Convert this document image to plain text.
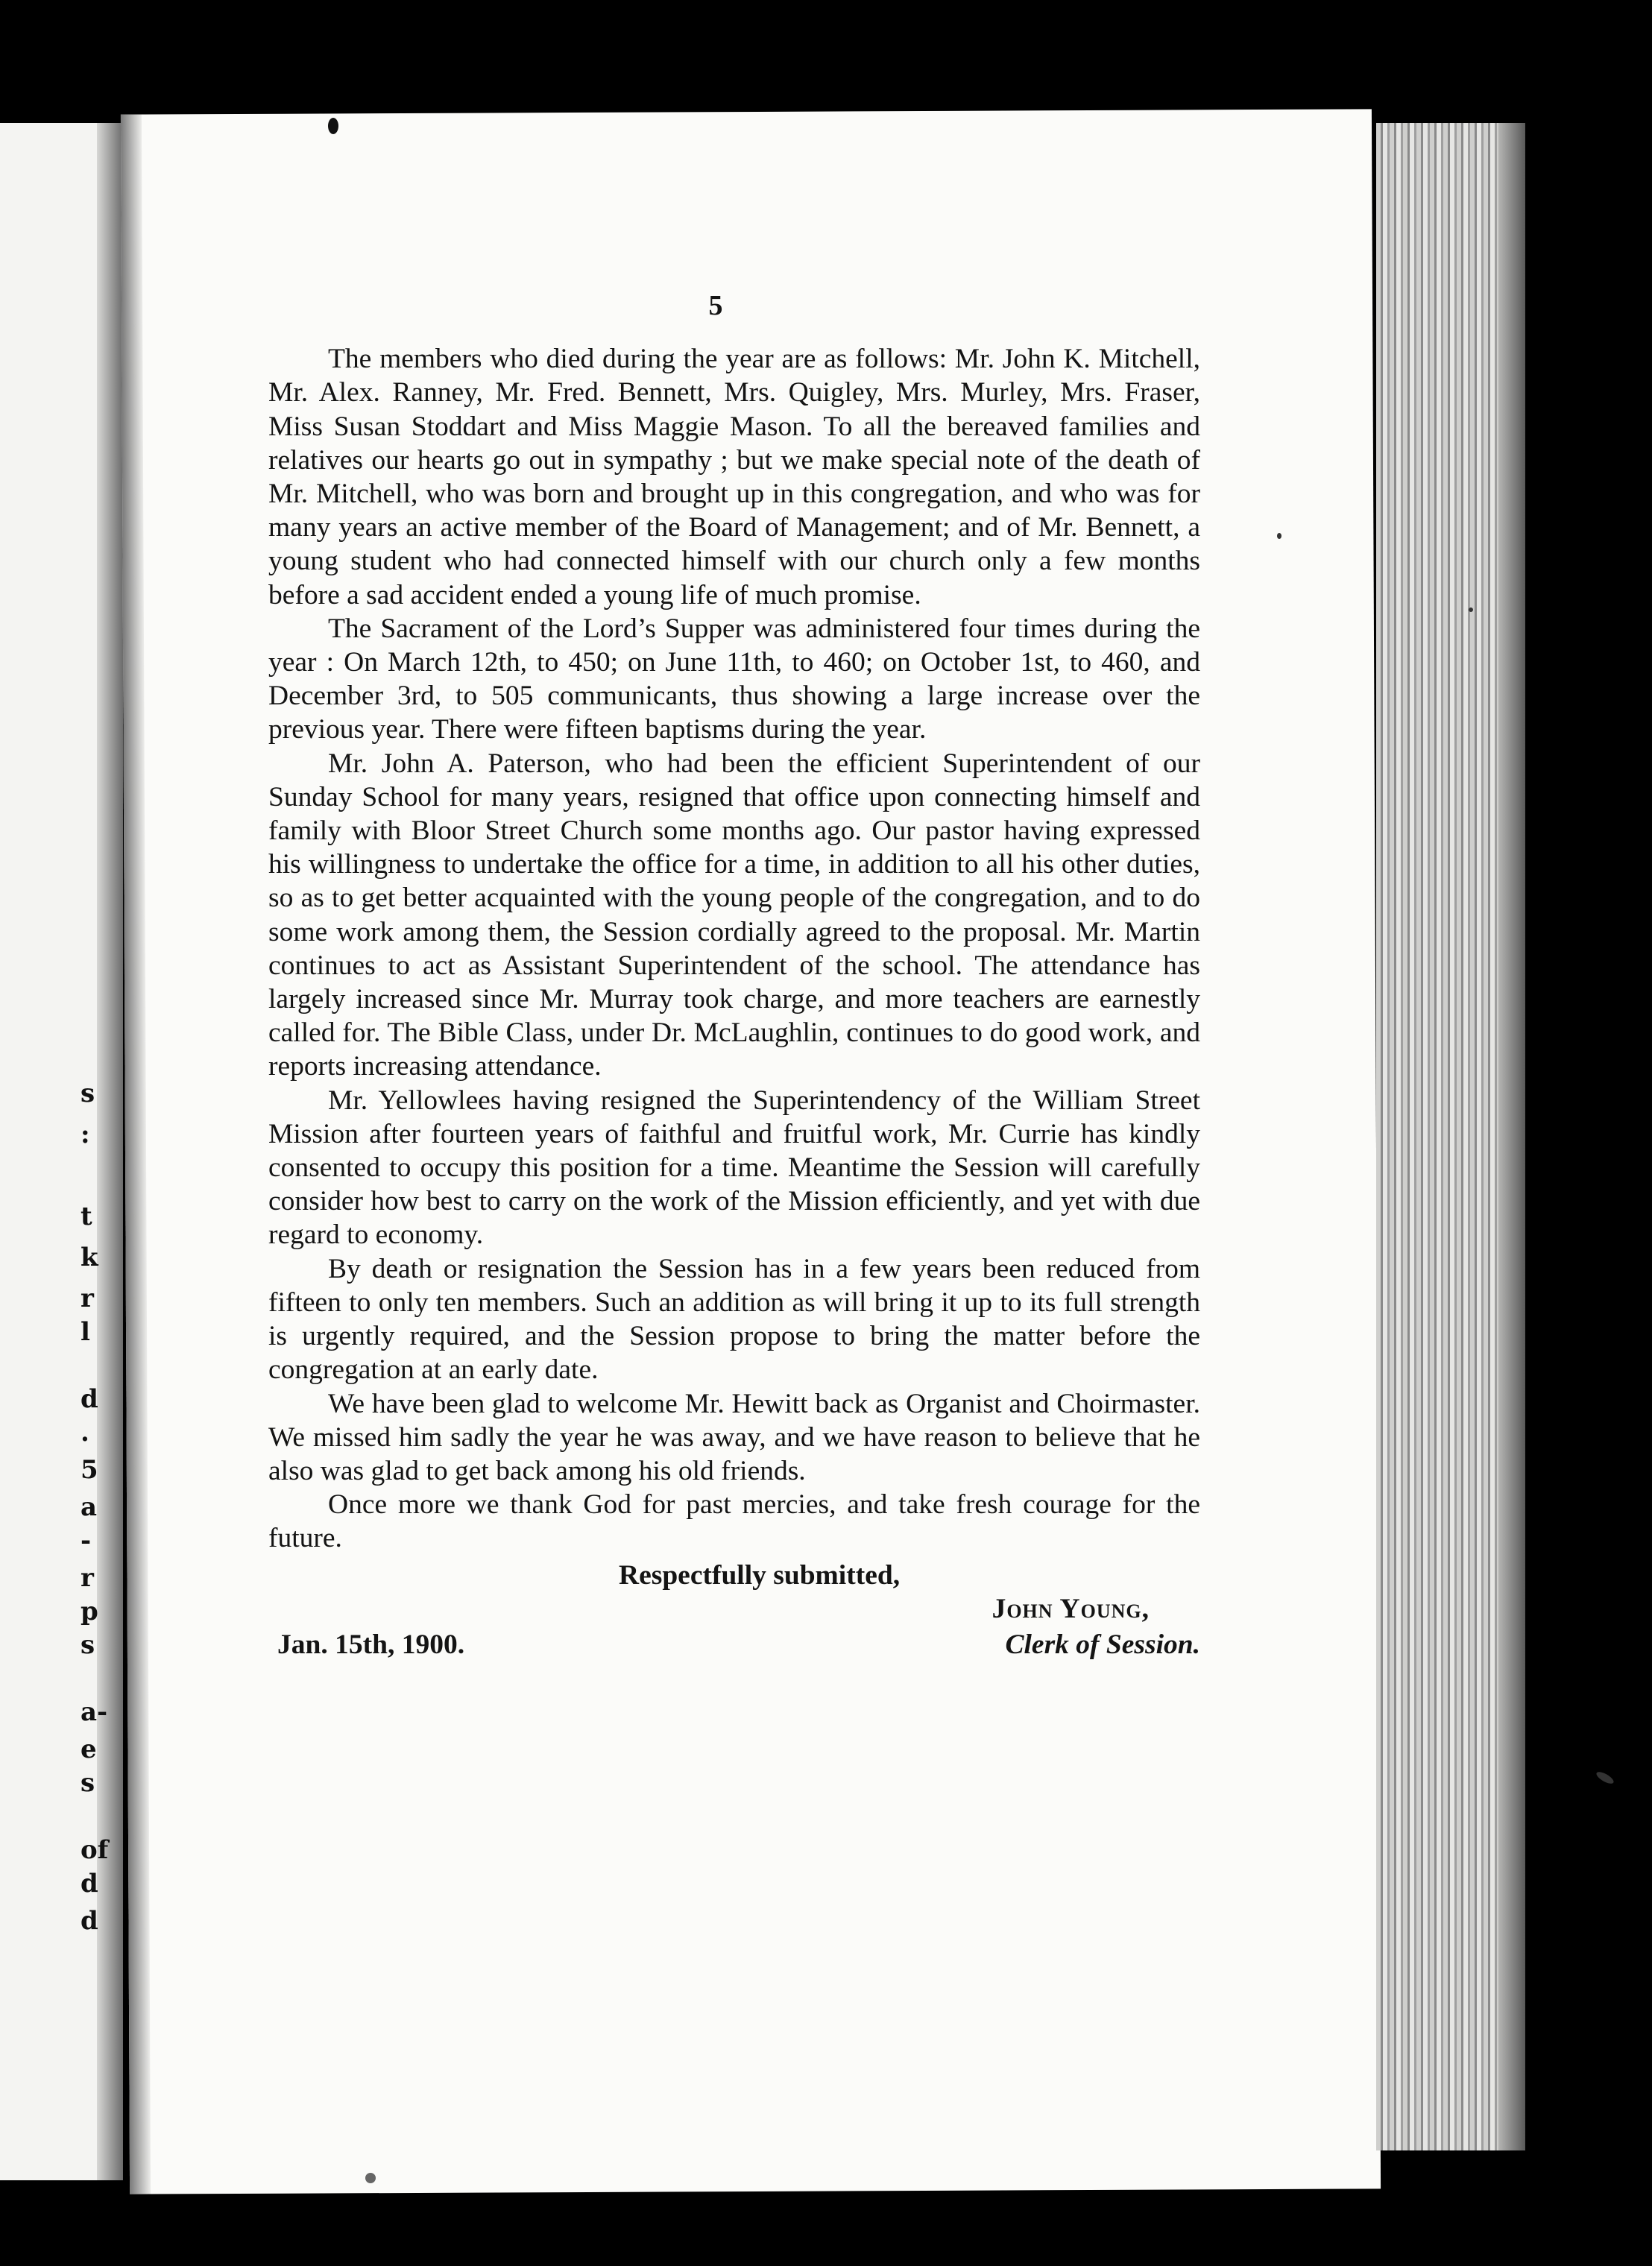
s
:
t
k
r
l
d
.
5
a
-
r
p
s
a-
e
s
of
d
d
5

The members who died during the year are as follows: Mr. John K. Mitchell, Mr. Alex. Ranney, Mr. Fred. Bennett, Mrs. Quigley, Mrs. Murley, Mrs. Fraser, Miss Susan Stoddart and Miss Maggie Mason. To all the bereaved families and relatives our hearts go out in sympathy ; but we make special note of the death of Mr. Mitchell, who was born and brought up in this congregation, and who was for many years an active member of the Board of Management; and of Mr. Bennett, a young student who had connected himself with our church only a few months before a sad accident ended a young life of much promise.

The Sacrament of the Lord’s Supper was administered four times during the year : On March 12th, to 450; on June 11th, to 460; on October 1st, to 460, and December 3rd, to 505 communicants, thus showing a large increase over the previous year. There were fifteen baptisms during the year.

Mr. John A. Paterson, who had been the efficient Superintendent of our Sunday School for many years, resigned that office upon connecting himself and family with Bloor Street Church some months ago. Our pastor having expressed his willingness to undertake the office for a time, in addition to all his other duties, so as to get better acquainted with the young people of the congregation, and to do some work among them, the Session cordially agreed to the proposal. Mr. Martin continues to act as Assistant Superintendent of the school. The attendance has largely increased since Mr. Murray took charge, and more teachers are earnestly called for. The Bible Class, under Dr. McLaughlin, continues to do good work, and reports increasing attendance.

Mr. Yellowlees having resigned the Superintendency of the William Street Mission after fourteen years of faithful and fruitful work, Mr. Currie has kindly consented to occupy this position for a time. Meantime the Session will carefully consider how best to carry on the work of the Mission efficiently, and yet with due regard to economy.

By death or resignation the Session has in a few years been reduced from fifteen to only ten members. Such an addition as will bring it up to its full strength is urgently required, and the Session propose to bring the matter before the congregation at an early date.

We have been glad to welcome Mr. Hewitt back as Organist and Choirmaster. We missed him sadly the year he was away, and we have reason to believe that he also was glad to get back among his old friends.

Once more we thank God for past mercies, and take fresh courage for the future.

Respectfully submitted,
John Young,
Jan. 15th, 1900.	Clerk of Session.
